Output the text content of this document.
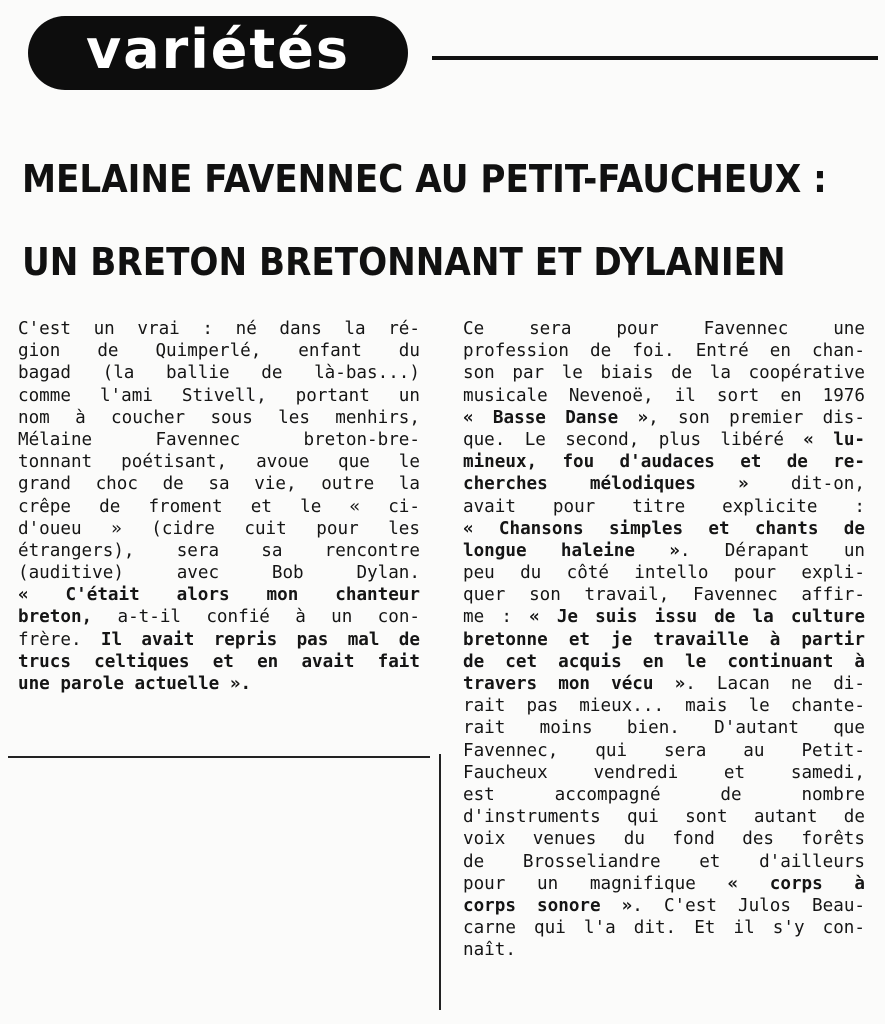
variétés
MELAINE FAVENNEC AU PETIT-FAUCHEUX :
UN BRETON BRETONNANT ET DYLANIEN
C'est un vrai : né dans la ré-
gion de Quimperlé, enfant du
bagad (la ballie de là-bas...)
comme l'ami Stivell, portant un
nom à coucher sous les menhirs,
Mélaine Favennec breton-bre-
tonnant poétisant, avoue que le
grand choc de sa vie, outre la
crêpe de froment et le « ci-
d'oueu » (cidre cuit pour les
étrangers), sera sa rencontre
(auditive) avec Bob Dylan.
« C'était alors mon chanteur
breton, a-t-il confié à un con-
frère. Il avait repris pas mal de
trucs celtiques et en avait fait
une parole actuelle ».
Ce sera pour Favennec une
profession de foi. Entré en chan-
son par le biais de la coopérative
musicale Nevenoë, il sort en 1976
« Basse Danse », son premier dis-
que. Le second, plus libéré « lu-
mineux, fou d'audaces et de re-
cherches mélodiques » dit-on,
avait pour titre explicite :
« Chansons simples et chants de
longue haleine ». Dérapant un
peu du côté intello pour expli-
quer son travail, Favennec affir-
me : « Je suis issu de la culture
bretonne et je travaille à partir
de cet acquis en le continuant à
travers mon vécu ». Lacan ne di-
rait pas mieux... mais le chante-
rait moins bien. D'autant que
Favennec, qui sera au Petit-
Faucheux vendredi et samedi,
est accompagné de nombre
d'instruments qui sont autant de
voix venues du fond des forêts
de Brosseliandre et d'ailleurs
pour un magnifique « corps à
corps sonore ». C'est Julos Beau-
carne qui l'a dit. Et il s'y con-
naît.
